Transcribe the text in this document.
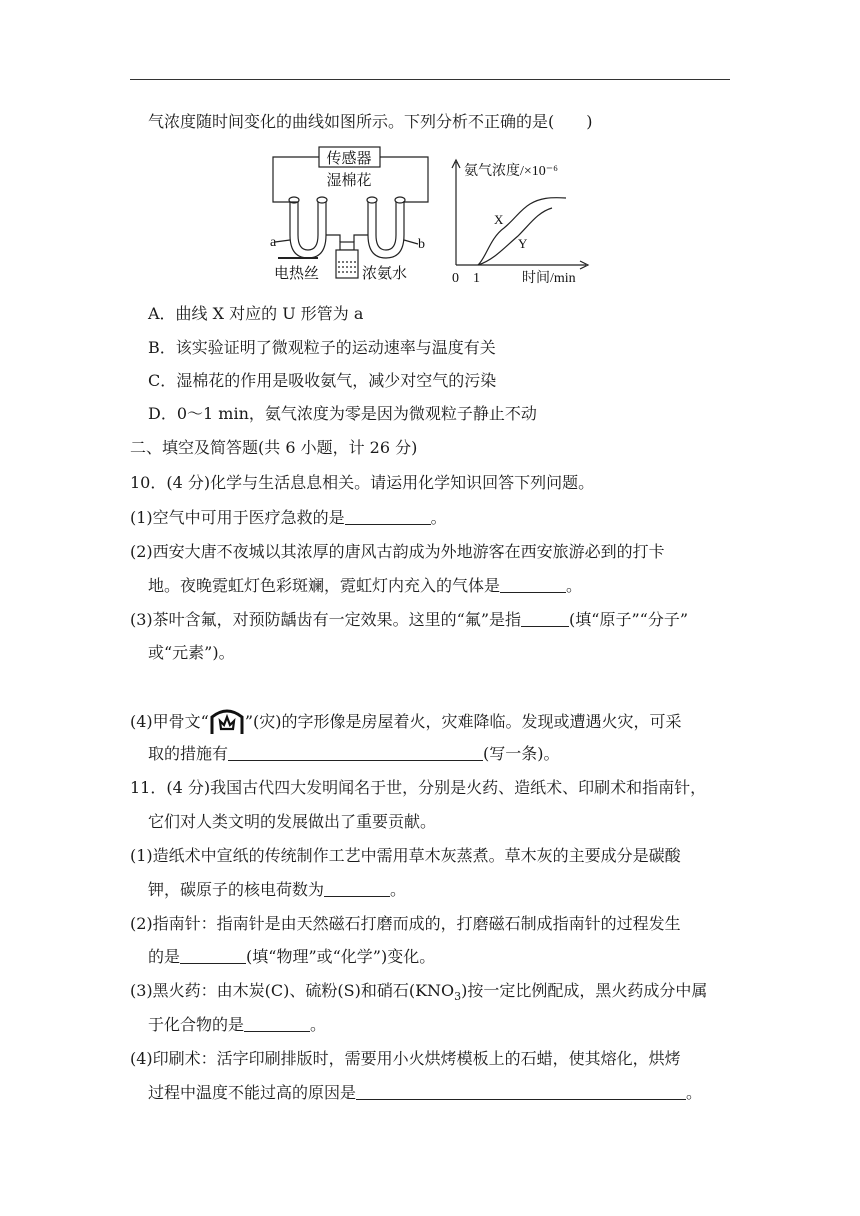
气浓度随时间变化的曲线如图所示。下列分析不正确的是(　　)
传感器
湿棉花
a	b
电热丝	浓氨水
氨气浓度/×10⁻⁶
时间/min
0 1
X
Y
A．曲线 X 对应的 U 形管为 a
B．该实验证明了微观粒子的运动速率与温度有关
C．湿棉花的作用是吸收氨气，减少对空气的污染
D．0～1 min，氨气浓度为零是因为微观粒子静止不动
二、填空及简答题(共 6 小题，计 26 分)
10．(4 分)化学与生活息息相关。请运用化学知识回答下列问题。
(1)空气中可用于医疗急救的是	。
(2)西安大唐不夜城以其浓厚的唐风古韵成为外地游客在西安旅游必到的打卡
地。夜晚霓虹灯色彩斑斓，霓虹灯内充入的气体是	。
(3)茶叶含氟，对预防龋齿有一定效果。这里的“氟”是指	(填“原子”“分子”
或“元素”)。
(4)甲骨文“ ”(灾)的字形像是房屋着火，灾难降临。发现或遭遇火灾，可采
取的措施有	(写一条)。
11．(4 分)我国古代四大发明闻名于世，分别是火药、造纸术、印刷术和指南针，
它们对人类文明的发展做出了重要贡献。
(1)造纸术中宣纸的传统制作工艺中需用草木灰蒸煮。草木灰的主要成分是碳酸
钾，碳原子的核电荷数为	。
(2)指南针：指南针是由天然磁石打磨而成的，打磨磁石制成指南针的过程发生
的是	(填“物理”或“化学”)变化。
(3)黑火药：由木炭(C)、硫粉(S)和硝石$(KNO_3)$按一定比例配成，黑火药成分中属
于化合物的是	。
(4)印刷术：活字印刷排版时，需要用小火烘烤模板上的石蜡，使其熔化，烘烤
过程中温度不能过高的原因是	。
